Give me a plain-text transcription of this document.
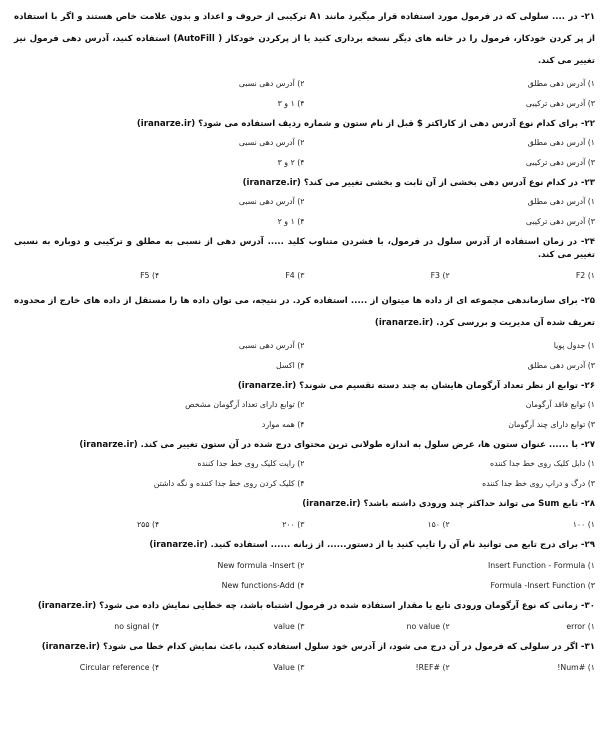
۲۱- در .... سلولی که در فرمول مورد استفاده قرار میگیرد مانند A۱ ترکیبی از حروف و اعداد و بدون علامت خاص هستند و اگر با استفاده از پر کردن خودکار، فرمول را در خانه های دیگر نسخه برداری کنید یا از پرکردن خودکار ( AutoFill) استفاده کنید، آدرس دهی فرمول نیز تغییر می کند.

۱) آدرس دهی مطلق
۲) آدرس دهی نسبی
۳) آدرس دهی ترکیبی
۴) ۱ و ۳

۲۲- برای کدام نوع آدرس دهی از کاراکتر $ قبل از نام ستون و شماره ردیف استفاده می شود؟ (iranarze.ir)

۱) آدرس دهی مطلق
۲) آدرس دهی نسبی
۳) آدرس دهی ترکیبی
۴) ۲ و ۳

۲۳- در کدام نوع آدرس دهی بخشی از آن ثابت و بخشی تغییر می کند؟ (iranarze.ir)

۱) آدرس دهی مطلق
۲) آدرس دهی نسبی
۳) آدرس دهی ترکیبی
۴) ۱ و ۲

۲۴- در زمان استفاده از آدرس سلول در فرمول، با فشردن متناوب کلید ..... آدرس دهی از نسبی به مطلق و ترکیبی و دوباره به نسبی تغییر می کند.

۱) F2
۲) F3
۳) F4
۴) F5

۲۵- برای سازماندهی مجموعه ای از داده ها میتوان از ..... استفاده کرد. در نتیجه، می توان داده ها را مستقل از داده های خارج از محدوده تعریف شده آن مدیریت و بررسی کرد. (iranarze.ir)

۱) جدول پویا
۲) آدرس دهی نسبی
۳) آدرس دهی مطلق
۴) اکسل

۲۶- توابع از نظر تعداد آرگومان هایشان به چند دسته تقسیم می شوند؟ (iranarze.ir)

۱) توابع فاقد آرگومان
۲) توابع دارای تعداد آرگومان مشخص
۳) توابع دارای چند آرگومان
۴) همه موارد

۲۷- با ...... عنوان ستون ها، عرض سلول به اندازه طولانی ترین محتوای درج شده در آن ستون تغییر می کند. (iranarze.ir)

۱) دابل کلیک روی خط جدا کننده
۲) رایت کلیک روی خط جدا کننده
۳) درگ و دراپ روی خط جدا کننده
۴) کلیک کردن روی خط جدا کننده و نگه داشتن

۲۸- تابع Sum می تواند حداکثر چند ورودی داشته باشد؟ (iranarze.ir)

۱) ۱۰۰
۲) ۱۵۰
۳) ۲۰۰
۴) ۲۵۵

۲۹- برای درج تابع می توانید نام آن را تایپ کنید یا از دستور...... از زبانه ...... استفاده کنید. (iranarze.ir)

۱) Insert Function - Formula
۲) New formula -Insert
۳) Formula -Insert Function
۴) New functions-Add

۳۰- زمانی که نوع آرگومان ورودی تابع یا مقدار استفاده شده در فرمول اشتباه باشد، چه خطایی نمایش داده می شود؟ (iranarze.ir)

۱) error
۲) no value
۳) value
۴) no signal

۳۱- اگر در سلولی که فرمول در آن درج می شود، از آدرس خود سلول استفاده کنید، باعث نمایش کدام خطا می شود؟ (iranarze.ir)

۱) #Num!
۲) #REF!
۳) Value
۴) Circular reference
